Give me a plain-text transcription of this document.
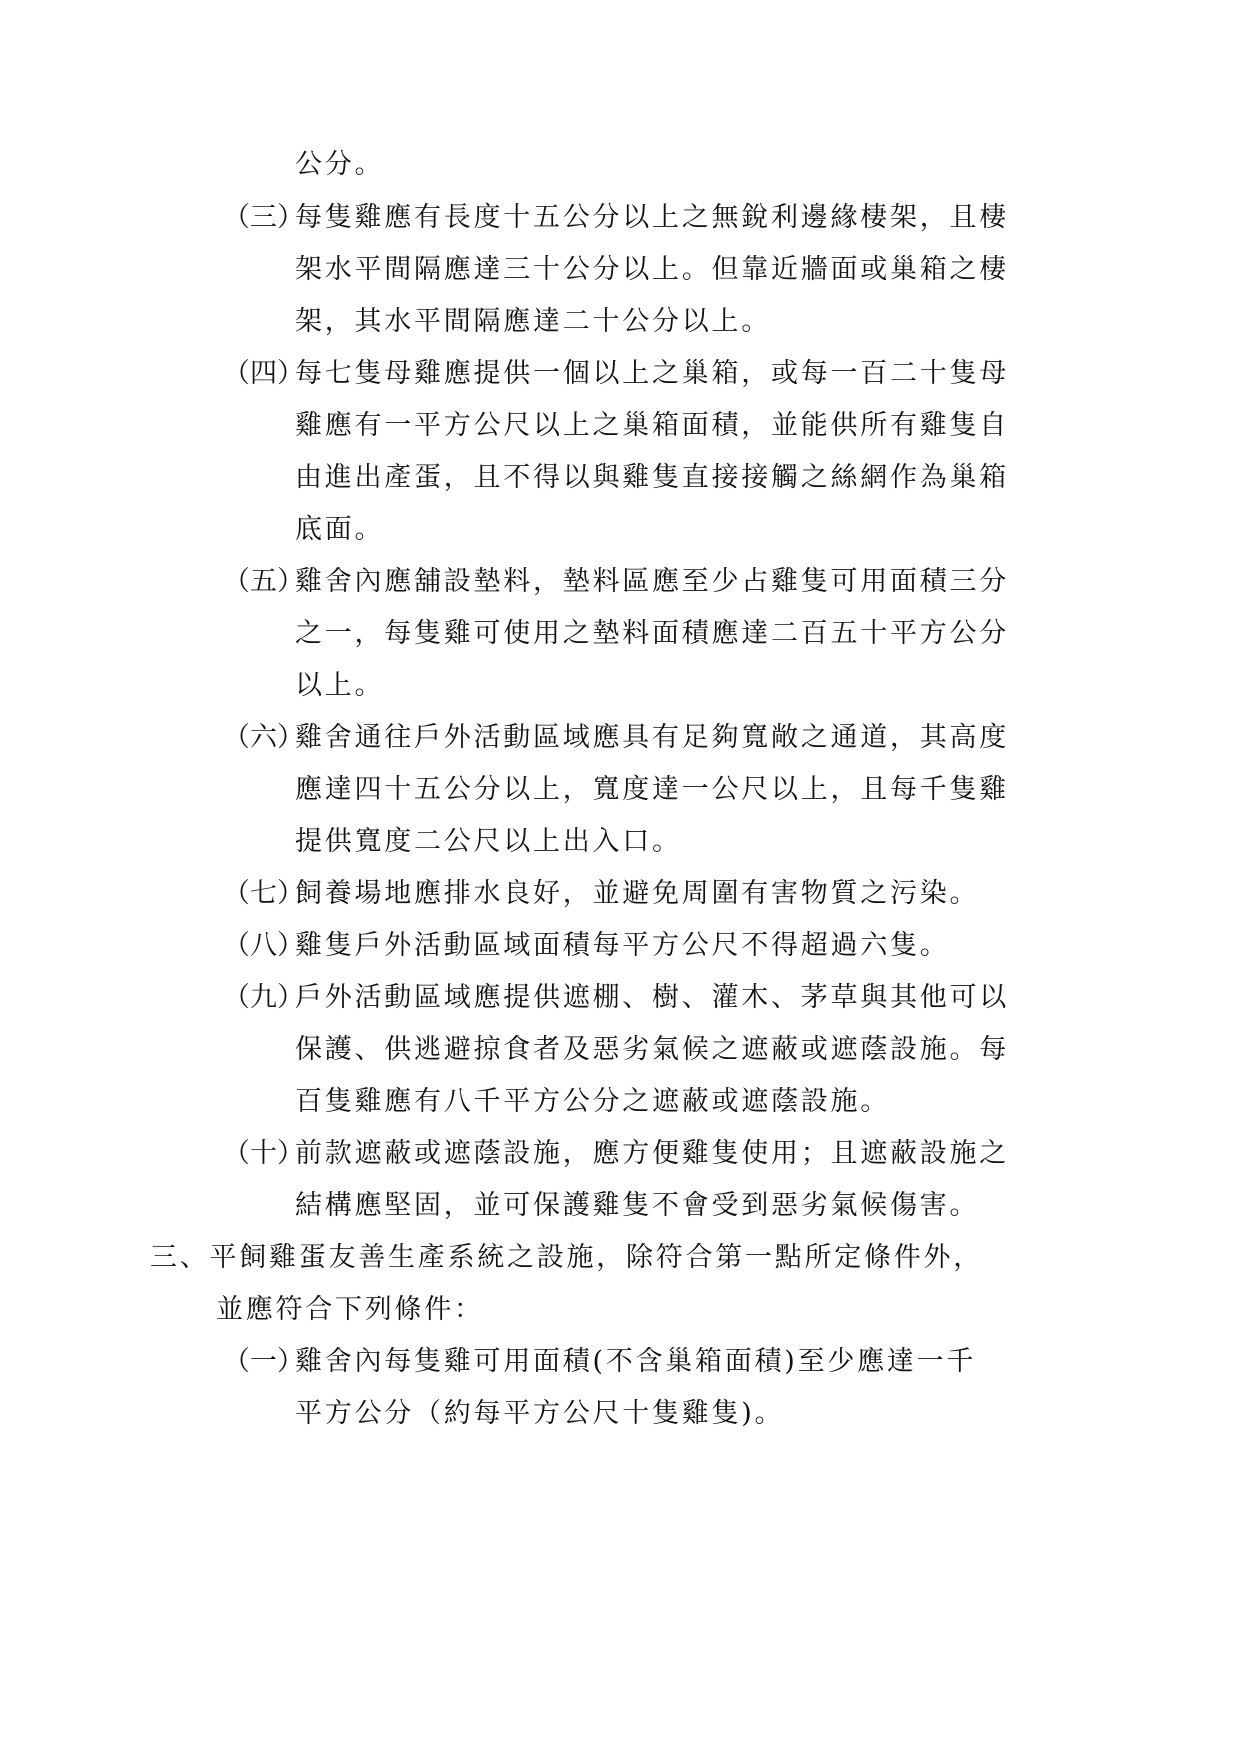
公分。
（三）
每隻雞應有長度十五公分以上之無銳利邊緣棲架，且棲
架水平間隔應達三十公分以上。但靠近牆面或巢箱之棲
架，其水平間隔應達二十公分以上。
（四）
每七隻母雞應提供一個以上之巢箱，或每一百二十隻母
雞應有一平方公尺以上之巢箱面積，並能供所有雞隻自
由進出產蛋，且不得以與雞隻直接接觸之絲網作為巢箱
底面。
（五）
雞舍內應舖設墊料，墊料區應至少占雞隻可用面積三分
之一，每隻雞可使用之墊料面積應達二百五十平方公分
以上。
（六）
雞舍通往戶外活動區域應具有足夠寬敞之通道，其高度
應達四十五公分以上，寬度達一公尺以上，且每千隻雞
提供寬度二公尺以上出入口。
（七）
飼養場地應排水良好，並避免周圍有害物質之污染。
（八）
雞隻戶外活動區域面積每平方公尺不得超過六隻。
（九）
戶外活動區域應提供遮棚、樹、灌木、茅草與其他可以
保護、供逃避掠食者及惡劣氣候之遮蔽或遮蔭設施。每
百隻雞應有八千平方公分之遮蔽或遮蔭設施。
（十）
前款遮蔽或遮蔭設施，應方便雞隻使用；且遮蔽設施之
結構應堅固，並可保護雞隻不會受到惡劣氣候傷害。
三、平飼雞蛋友善生產系統之設施，除符合第一點所定條件外，
並應符合下列條件：
（一）
雞舍內每隻雞可用面積(不含巢箱面積)至少應達一千
平方公分（約每平方公尺十隻雞隻)。
